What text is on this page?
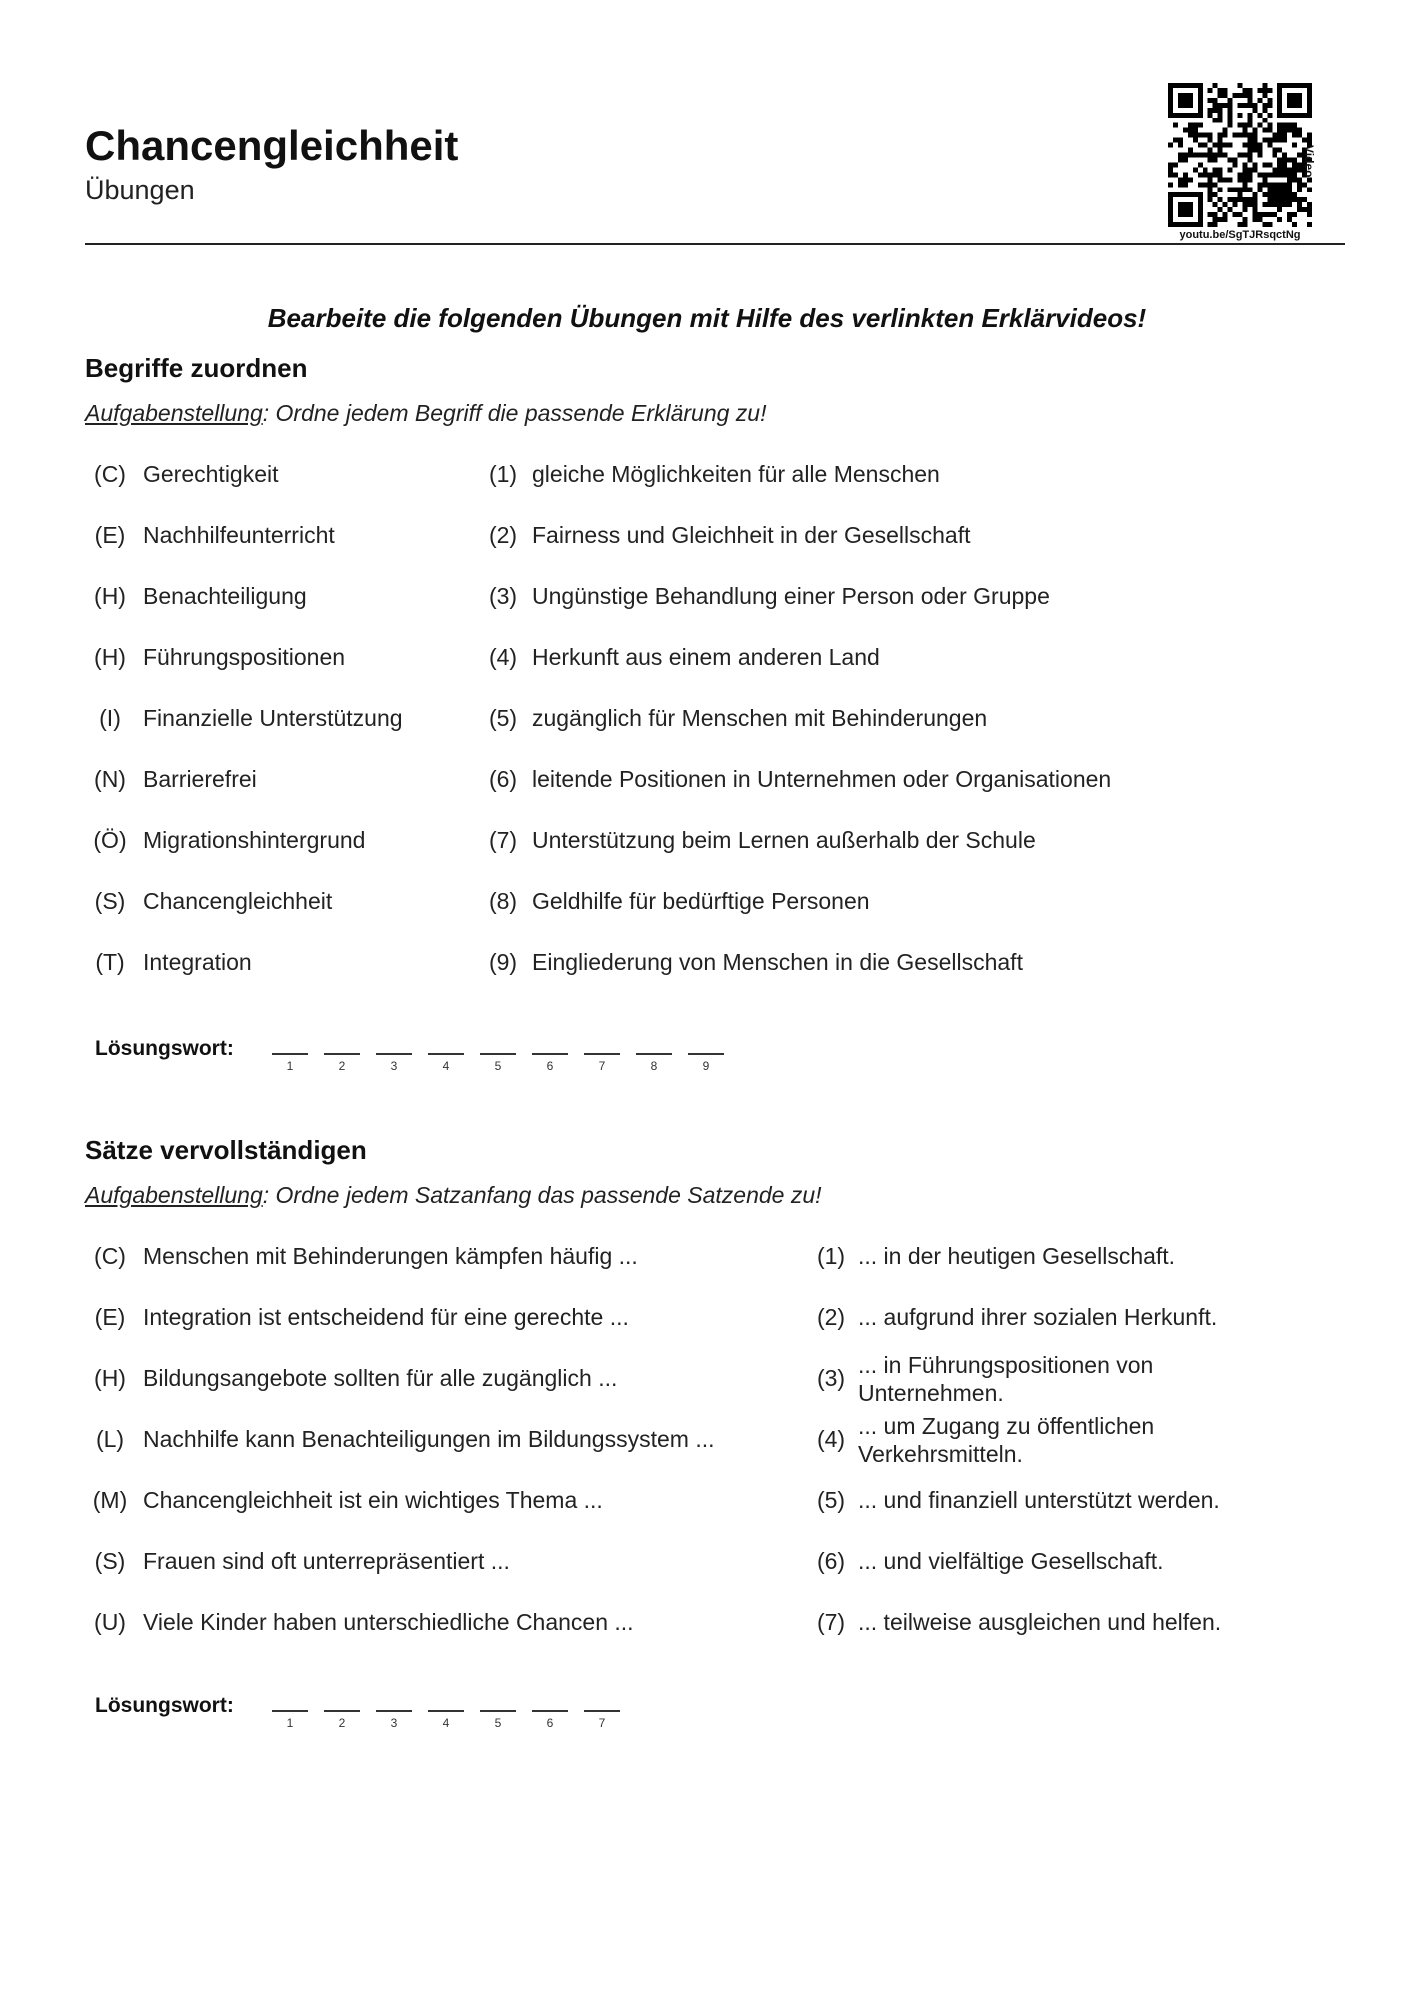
Chancengleichheit
Übungen
youtu.be/SgTJRsqctNg
Video
Bearbeite die folgenden Übungen mit Hilfe des verlinkten Erklärvideos!
Begriffe zuordnen
Aufgabenstellung: Ordne jedem Begriff die passende Erklärung zu!
(C) Gerechtigkeit	(1) gleiche Möglichkeiten für alle Menschen
(E) Nachhilfeunterricht	(2) Fairness und Gleichheit in der Gesellschaft
(H) Benachteiligung	(3) Ungünstige Behandlung einer Person oder Gruppe
(H) Führungspositionen	(4) Herkunft aus einem anderen Land
(I) Finanzielle Unterstützung	(5) zugänglich für Menschen mit Behinderungen
(N) Barrierefrei	(6) leitende Positionen in Unternehmen oder Organisationen
(Ö) Migrationshintergrund	(7) Unterstützung beim Lernen außerhalb der Schule
(S) Chancengleichheit	(8) Geldhilfe für bedürftige Personen
(T) Integration	(9) Eingliederung von Menschen in die Gesellschaft
Lösungswort:
1	2	3	4	5	6	7	8	9
Sätze vervollständigen
Aufgabenstellung: Ordne jedem Satzanfang das passende Satzende zu!
(C) Menschen mit Behinderungen kämpfen häufig ...	(1) ... in der heutigen Gesellschaft.
(E) Integration ist entscheidend für eine gerechte ...	(2) ... aufgrund ihrer sozialen Herkunft.
(H) Bildungsangebote sollten für alle zugänglich ...	(3) ... in Führungspositionen von
Unternehmen.
(L) Nachhilfe kann Benachteiligungen im Bildungssystem ...	(4) ... um Zugang zu öffentlichen
Verkehrsmitteln.
(M) Chancengleichheit ist ein wichtiges Thema ...	(5) ... und finanziell unterstützt werden.
(S) Frauen sind oft unterrepräsentiert ...	(6) ... und vielfältige Gesellschaft.
(U) Viele Kinder haben unterschiedliche Chancen ...	(7) ... teilweise ausgleichen und helfen.
Lösungswort:
1	2	3	4	5	6	7
